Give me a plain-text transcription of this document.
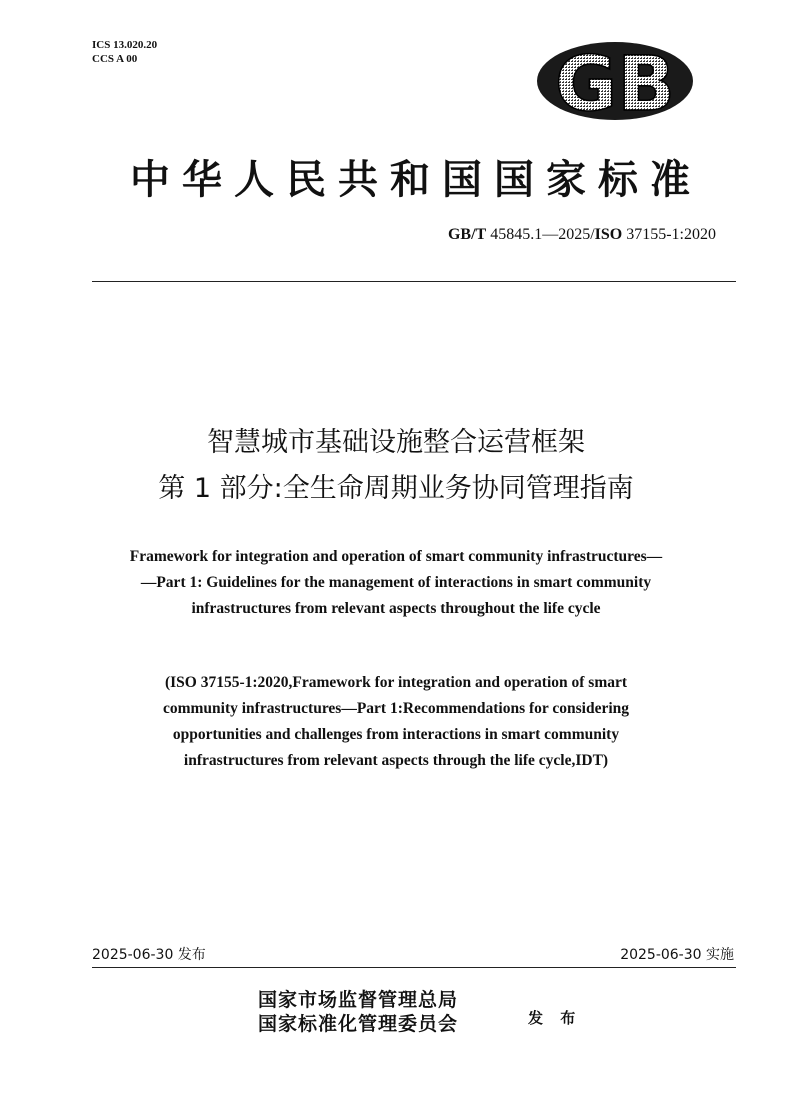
ICS 13.020.20
CCS A 00	GB
中华人民共和国国家标准
GB/T 45845.1—2025/ISO 37155-1:2020
智慧城市基础设施整合运营框架
第 1 部分:全生命周期业务协同管理指南
Framework for integration and operation of smart community infrastructures—
—Part 1: Guidelines for the management of interactions in smart community
infrastructures from relevant aspects throughout the life cycle
(ISO 37155-1:2020,Framework for integration and operation of smart
community infrastructures—Part 1:Recommendations for considering
opportunities and challenges from interactions in smart community
infrastructures from relevant aspects through the life cycle,IDT)
2025-06-30 发布	2025-06-30 实施
国家市场监督管理总局
国家标准化管理委员会	发 布
